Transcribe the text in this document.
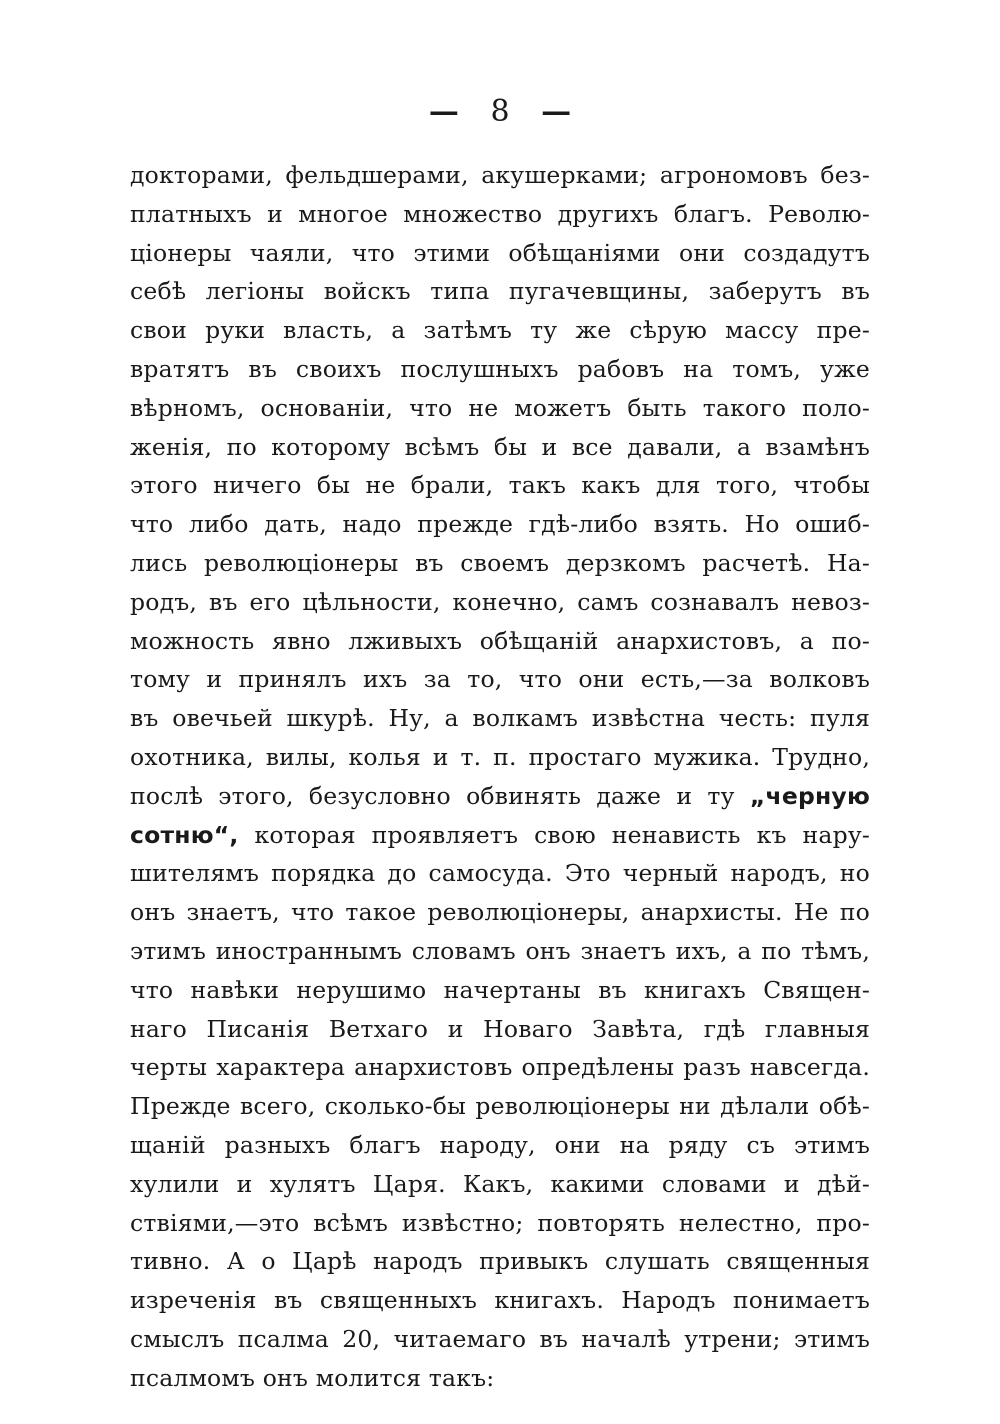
— 8 —
докторами, фельдшерами, акушерками; агрономовъ без-
платныхъ и многое множество другихъ благъ. Револю-
ціонеры чаяли, что этими обѣщаніями они создадутъ
себѣ легіоны войскъ типа пугачевщины, заберутъ въ
свои руки власть, а затѣмъ ту же сѣрую массу пре-
вратятъ въ своихъ послушныхъ рабовъ на томъ, уже
вѣрномъ, основаніи, что не можетъ быть такого поло-
женія, по которому всѣмъ бы и все давали, а взамѣнъ
этого ничего бы не брали, такъ какъ для того, чтобы
что либо дать, надо прежде гдѣ-либо взять. Но ошиб-
лись революціонеры въ своемъ дерзкомъ расчетѣ. На-
родъ, въ его цѣльности, конечно, самъ сознавалъ невоз-
можность явно лживыхъ обѣщаній анархистовъ, а по-
тому и принялъ ихъ за то, что они есть,—за волковъ
въ овечьей шкурѣ. Ну, а волкамъ извѣстна честь: пуля
охотника, вилы, колья и т. п. простаго мужика. Трудно,
послѣ этого, безусловно обвинять даже и ту „черную
сотню“, которая проявляетъ свою ненависть къ нару-
шителямъ порядка до самосуда. Это черный народъ, но
онъ знаетъ, что такое революціонеры, анархисты. Не по
этимъ иностраннымъ словамъ онъ знаетъ ихъ, а по тѣмъ,
что навѣки нерушимо начертаны въ книгахъ Священ-
наго Писанія Ветхаго и Новаго Завѣта, гдѣ главныя
черты характера анархистовъ опредѣлены разъ навсегда.
Прежде всего, сколько-бы революціонеры ни дѣлали обѣ-
щаній разныхъ благъ народу, они на ряду съ этимъ
хулили и хулятъ Царя. Какъ, какими словами и дѣй-
ствіями,—это всѣмъ извѣстно; повторять нелестно, про-
тивно. А о Царѣ народъ привыкъ слушать священныя
изреченія въ священныхъ книгахъ. Народъ понимаетъ
смыслъ псалма 20, читаемаго въ началѣ утрени; этимъ
псалмомъ онъ молится такъ:
